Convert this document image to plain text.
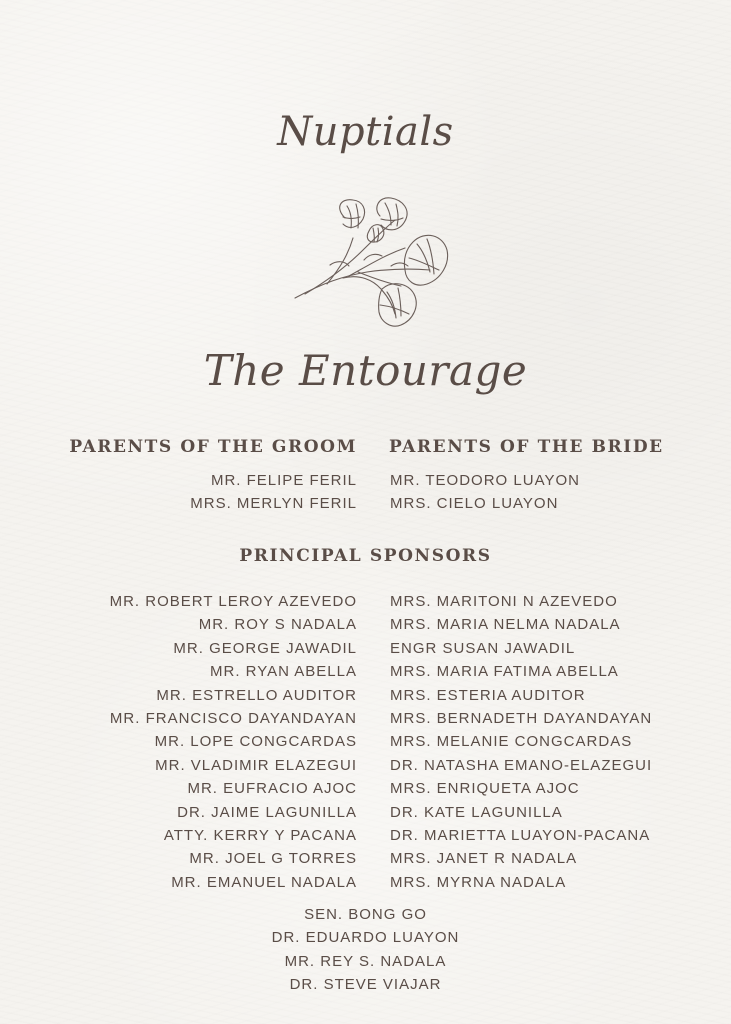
Nuptials
The Entourage
PARENTS OF THE GROOM PARENTS OF THE BRIDE
MR. FELIPE FERIL
MRS. MERLYN FERIL
MR. TEODORO LUAYON
MRS. CIELO LUAYON
PRINCIPAL SPONSORS
MR. ROBERT LEROY AZEVEDO
MR. ROY S NADALA
MR. GEORGE JAWADIL
MR. RYAN ABELLA
MR. ESTRELLO AUDITOR
MR. FRANCISCO DAYANDAYAN
MR. LOPE CONGCARDAS
MR. VLADIMIR ELAZEGUI
MR. EUFRACIO AJOC
DR. JAIME LAGUNILLA
ATTY. KERRY Y PACANA
MR. JOEL G TORRES
MR. EMANUEL NADALA
MRS. MARITONI N AZEVEDO
MRS. MARIA NELMA NADALA
ENGR SUSAN JAWADIL
MRS. MARIA FATIMA ABELLA
MRS. ESTERIA AUDITOR
MRS. BERNADETH DAYANDAYAN
MRS. MELANIE CONGCARDAS
DR. NATASHA EMANO-ELAZEGUI
MRS. ENRIQUETA AJOC
DR. KATE LAGUNILLA
DR. MARIETTA LUAYON-PACANA
MRS. JANET R NADALA
MRS. MYRNA NADALA
SEN. BONG GO
DR. EDUARDO LUAYON
MR. REY S. NADALA
DR. STEVE VIAJAR
